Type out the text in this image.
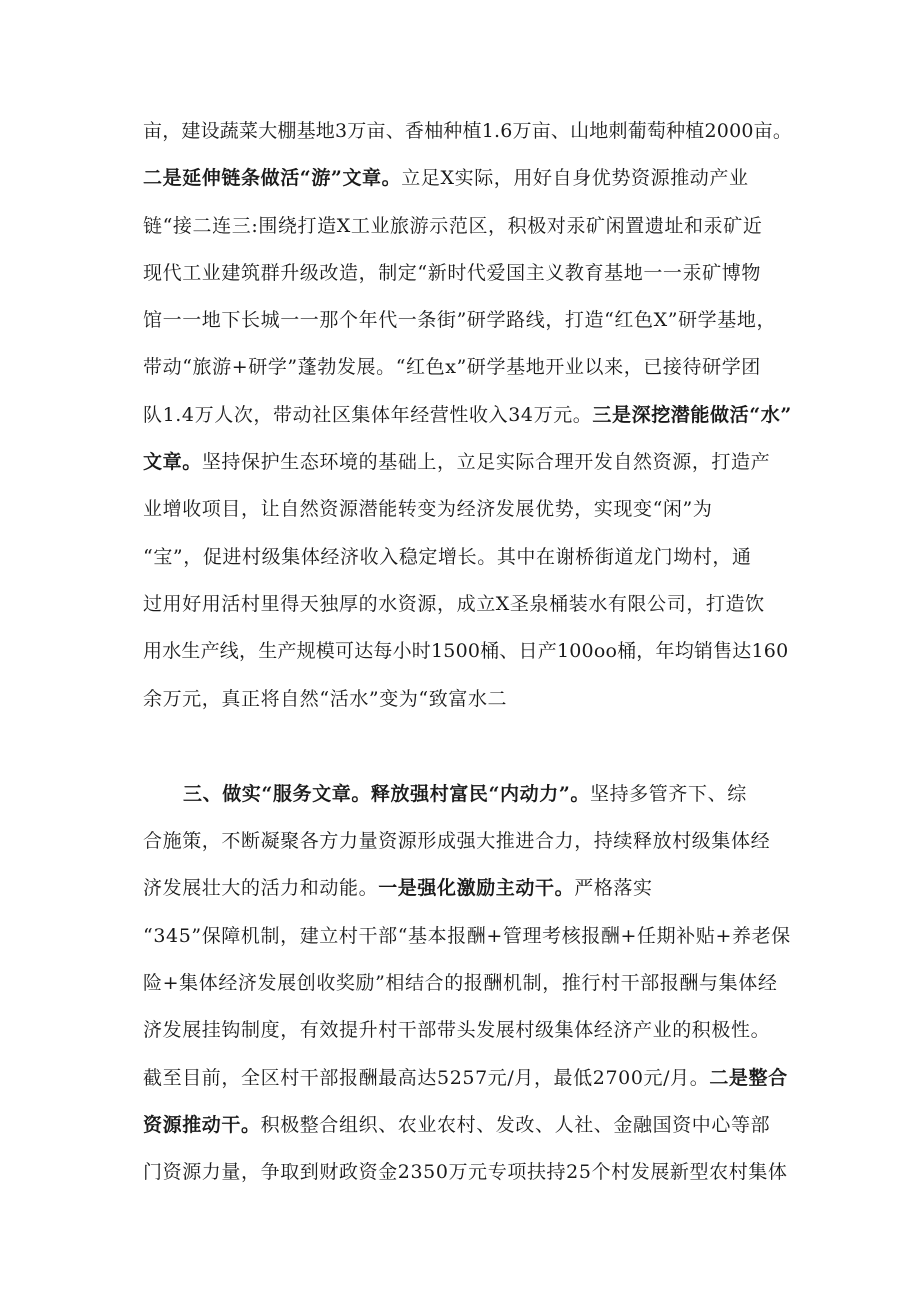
亩，建设蔬菜大棚基地3万亩、香柚种植1.6万亩、山地刺葡萄种植2000亩。
二是延伸链条做活“游”文章。立足X实际，用好自身优势资源推动产业
链“接二连三:围绕打造X工业旅游示范区，积极对汞矿闲置遗址和汞矿近
现代工业建筑群升级改造，制定“新时代爱国主义教育基地一一汞矿博物
馆一一地下长城一一那个年代一条街”研学路线，打造“红色X”研学基地，
带动“旅游+研学”蓬勃发展。“红色x”研学基地开业以来，已接待研学团
队1.4万人次，带动社区集体年经营性收入34万元。三是深挖潜能做活“水”
文章。坚持保护生态环境的基础上，立足实际合理开发自然资源，打造产
业增收项目，让自然资源潜能转变为经济发展优势，实现变“闲”为
“宝”，促进村级集体经济收入稳定增长。其中在谢桥街道龙门坳村，通
过用好用活村里得天独厚的水资源，成立X圣泉桶装水有限公司，打造饮
用水生产线，生产规模可达每小时1500桶、日产100oo桶，年均销售达160
余万元，真正将自然“活水”变为“致富水二
三、做实“服务文章。释放强村富民“内动力”。坚持多管齐下、综
合施策，不断凝聚各方力量资源形成强大推进合力，持续释放村级集体经
济发展壮大的活力和动能。一是强化激励主动干。严格落实
“345”保障机制，建立村干部“基本报酬+管理考核报酬+任期补贴+养老保
险+集体经济发展创收奖励”相结合的报酬机制，推行村干部报酬与集体经
济发展挂钩制度，有效提升村干部带头发展村级集体经济产业的积极性。
截至目前，全区村干部报酬最高达5257元/月，最低2700元/月。二是整合
资源推动干。积极整合组织、农业农村、发改、人社、金融国资中心等部
门资源力量，争取到财政资金2350万元专项扶持25个村发展新型农村集体
